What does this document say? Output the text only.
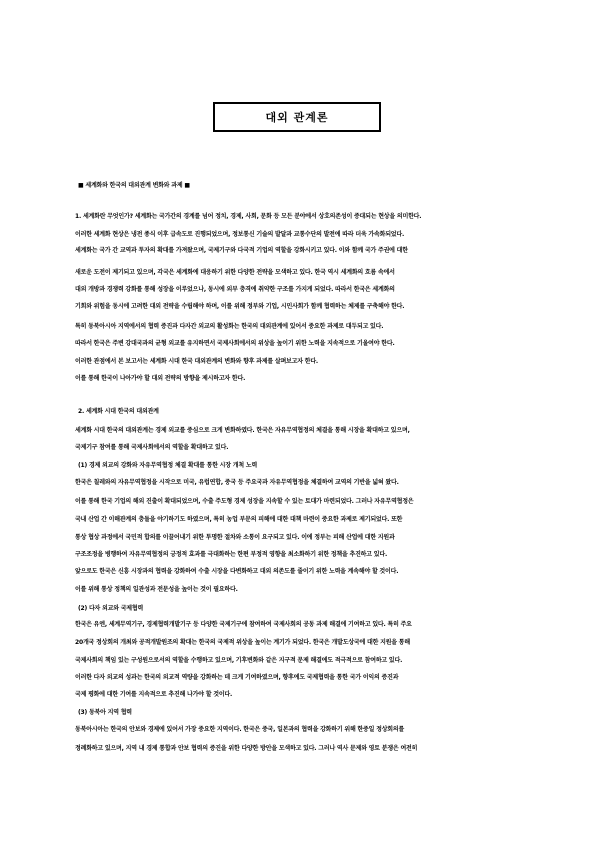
대외 관계론
■ 세계화와 한국의 대외관계 변화와 과제 ■
1. 세계화란 무엇인가? 세계화는 국가간의 경계를 넘어 정치, 경제, 사회, 문화 등 모든 분야에서 상호의존성이 증대되는 현상을 의미한다.
이러한 세계화 현상은 냉전 종식 이후 급속도로 진행되었으며, 정보통신 기술의 발달과 교통수단의 발전에 따라 더욱 가속화되었다.
세계화는 국가 간 교역과 투자의 확대를 가져왔으며, 국제기구와 다국적 기업의 역할을 강화시키고 있다. 이와 함께 국가 주권에 대한
새로운 도전이 제기되고 있으며, 각국은 세계화에 대응하기 위한 다양한 전략을 모색하고 있다. 한국 역시 세계화의 흐름 속에서
대외 개방과 경쟁력 강화를 통해 성장을 이루었으나, 동시에 외부 충격에 취약한 구조를 가지게 되었다. 따라서 한국은 세계화의
기회와 위험을 동시에 고려한 대외 전략을 수립해야 하며, 이를 위해 정부와 기업, 시민사회가 함께 협력하는 체제를 구축해야 한다.
특히 동북아시아 지역에서의 협력 증진과 다자간 외교의 활성화는 한국의 대외관계에 있어서 중요한 과제로 대두되고 있다.
따라서 한국은 주변 강대국과의 균형 외교를 유지하면서 국제사회에서의 위상을 높이기 위한 노력을 지속적으로 기울여야 한다.
이러한 관점에서 본 보고서는 세계화 시대 한국 대외관계의 변화와 향후 과제를 살펴보고자 한다.
이를 통해 한국이 나아가야 할 대외 전략의 방향을 제시하고자 한다.
2. 세계화 시대 한국의 대외관계
세계화 시대 한국의 대외관계는 경제 외교를 중심으로 크게 변화하였다. 한국은 자유무역협정의 체결을 통해 시장을 확대하고 있으며,
국제기구 참여를 통해 국제사회에서의 역할을 확대하고 있다.
(1) 경제 외교의 강화와 자유무역협정 체결 확대를 통한 시장 개척 노력
한국은 칠레와의 자유무역협정을 시작으로 미국, 유럽연합, 중국 등 주요국과 자유무역협정을 체결하여 교역의 기반을 넓혀 왔다.
이를 통해 한국 기업의 해외 진출이 확대되었으며, 수출 주도형 경제 성장을 지속할 수 있는 토대가 마련되었다. 그러나 자유무역협정은
국내 산업 간 이해관계의 충돌을 야기하기도 하였으며, 특히 농업 부문의 피해에 대한 대책 마련이 중요한 과제로 제기되었다. 또한
통상 협상 과정에서 국민적 합의를 이끌어내기 위한 투명한 절차와 소통이 요구되고 있다. 이에 정부는 피해 산업에 대한 지원과
구조조정을 병행하여 자유무역협정의 긍정적 효과를 극대화하는 한편 부정적 영향을 최소화하기 위한 정책을 추진하고 있다.
앞으로도 한국은 신흥 시장과의 협력을 강화하여 수출 시장을 다변화하고 대외 의존도를 줄이기 위한 노력을 계속해야 할 것이다.
이를 위해 통상 정책의 일관성과 전문성을 높이는 것이 필요하다.
(2) 다자 외교와 국제협력
한국은 유엔, 세계무역기구, 경제협력개발기구 등 다양한 국제기구에 참여하여 국제사회의 공동 과제 해결에 기여하고 있다. 특히 주요
20개국 정상회의 개최와 공적개발원조의 확대는 한국의 국제적 위상을 높이는 계기가 되었다. 한국은 개발도상국에 대한 지원을 통해
국제사회의 책임 있는 구성원으로서의 역할을 수행하고 있으며, 기후변화와 같은 지구적 문제 해결에도 적극적으로 참여하고 있다.
이러한 다자 외교의 성과는 한국의 외교적 역량을 강화하는 데 크게 기여하였으며, 향후에도 국제협력을 통한 국가 이익의 증진과
국제 평화에 대한 기여를 지속적으로 추진해 나가야 할 것이다.
(3) 동북아 지역 협력
동북아시아는 한국의 안보와 경제에 있어서 가장 중요한 지역이다. 한국은 중국, 일본과의 협력을 강화하기 위해 한중일 정상회의를
정례화하고 있으며, 지역 내 경제 통합과 안보 협력의 증진을 위한 다양한 방안을 모색하고 있다. 그러나 역사 문제와 영토 분쟁은 여전히
